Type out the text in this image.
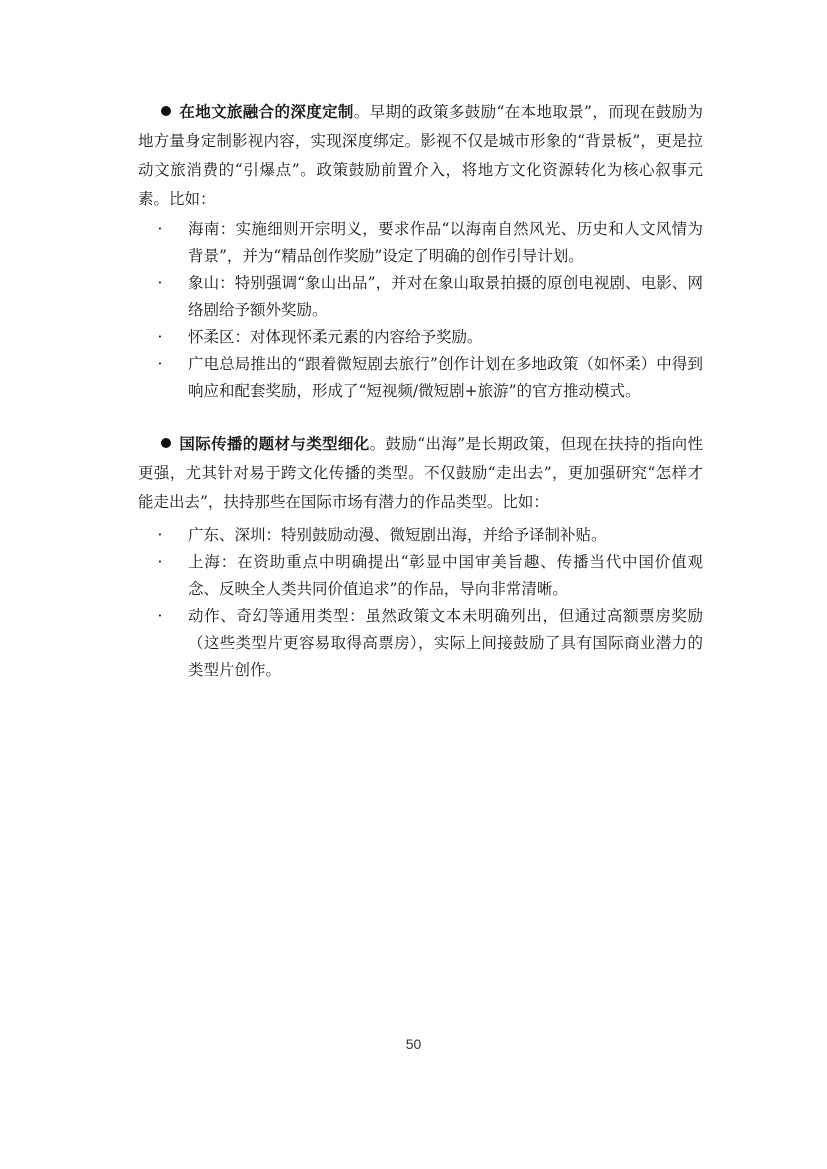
在地文旅融合的深度定制。早期的政策多鼓励“在本地取景”，而现在鼓励为地方量身定制影视内容，实现深度绑定。影视不仅是城市形象的“背景板”，更是拉动文旅消费的“引爆点”。政策鼓励前置介入，将地方文化资源转化为核心叙事元素。比如：

· 海南：实施细则开宗明义，要求作品“以海南自然风光、历史和人文风情为背景”，并为“精品创作奖励”设定了明确的创作引导计划。
· 象山：特别强调“象山出品”，并对在象山取景拍摄的原创电视剧、电影、网络剧给予额外奖励。
· 怀柔区：对体现怀柔元素的内容给予奖励。
· 广电总局推出的“跟着微短剧去旅行”创作计划在多地政策（如怀柔）中得到响应和配套奖励，形成了“短视频/微短剧+旅游”的官方推动模式。

国际传播的题材与类型细化。鼓励“出海”是长期政策，但现在扶持的指向性更强，尤其针对易于跨文化传播的类型。不仅鼓励“走出去”，更加强研究“怎样才能走出去”，扶持那些在国际市场有潜力的作品类型。比如：

· 广东、深圳：特别鼓励动漫、微短剧出海，并给予译制补贴。
· 上海：在资助重点中明确提出“彰显中国审美旨趣、传播当代中国价值观念、反映全人类共同价值追求”的作品，导向非常清晰。
· 动作、奇幻等通用类型：虽然政策文本未明确列出，但通过高额票房奖励（这些类型片更容易取得高票房），实际上间接鼓励了具有国际商业潜力的类型片创作。
50
